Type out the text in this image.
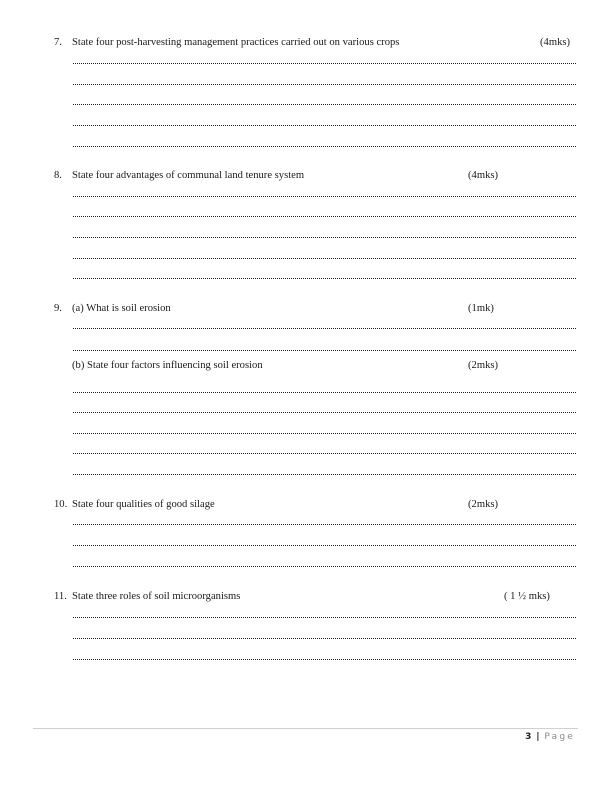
7. State four post-harvesting management practices carried out on various crops	(4mks)
8. State four advantages of communal land tenure system	(4mks)
9. (a) What is soil erosion	(1mk)
(b) State four factors influencing soil erosion	(2mks)
10. State four qualities of good silage	(2mks)
11. State three roles of soil microorganisms	( 1 ½ mks)
3 | Page
